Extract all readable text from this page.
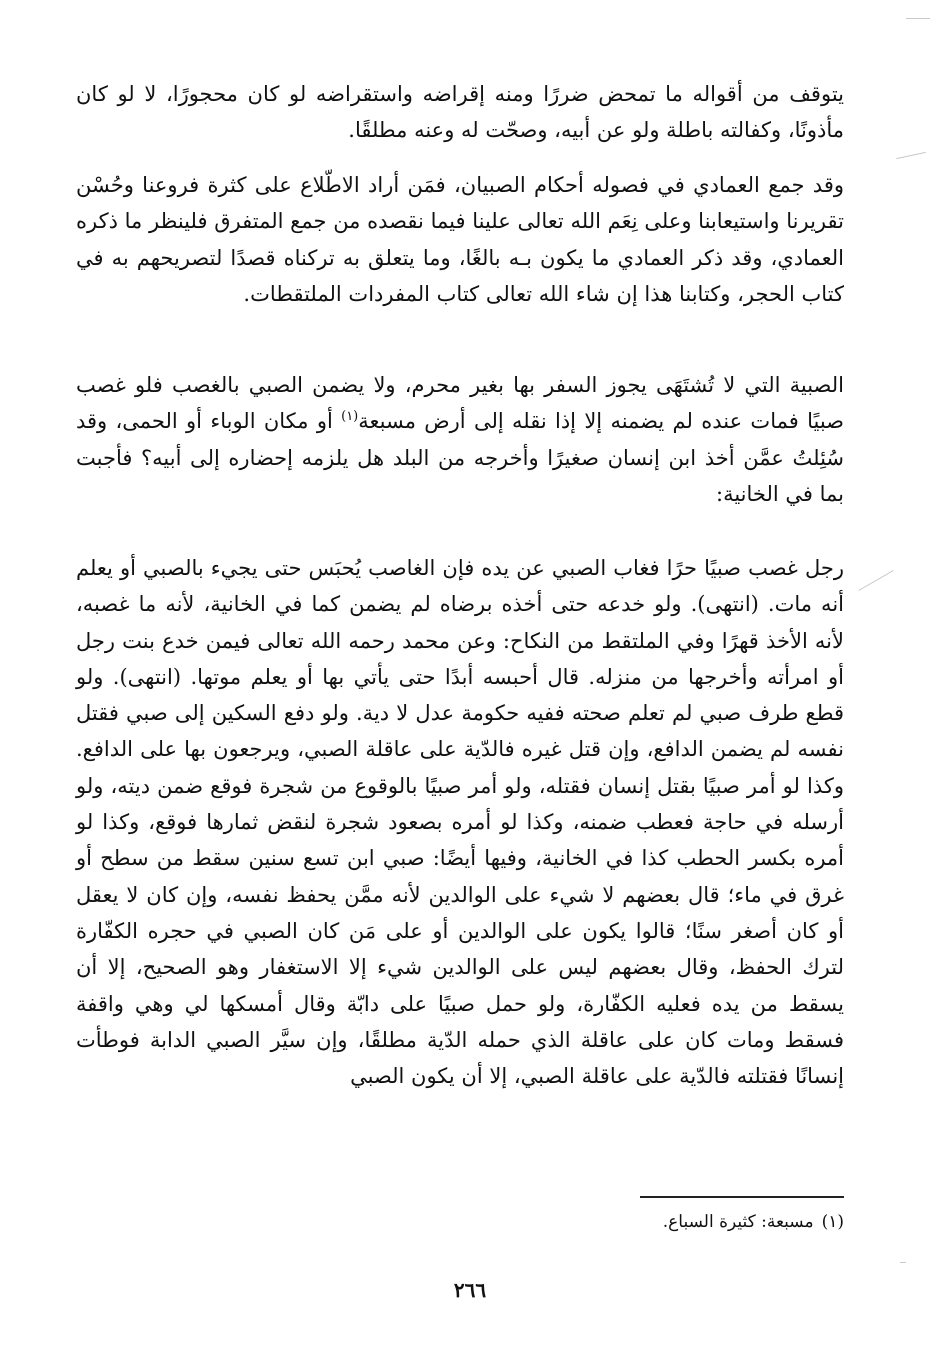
يتوقف من أقواله ما تمحض ضررًا ومنه إقراضه واستقراضه لو كان محجورًا، لا لو كان مأذونًا، وكفالته باطلة ولو عن أبيه، وصحّت له وعنه مطلقًا.

وقد جمع العمادي في فصوله أحكام الصبيان، فمَن أراد الاطّلاع على كثرة فروعنا وحُسْن تقريرنا واستيعابنا وعلى نِعَم الله تعالى علينا فيما نقصده من جمع المتفرق فلينظر ما ذكره العمادي، وقد ذكر العمادي ما يكون بـه بالغًا، وما يتعلق به تركناه قصدًا لتصريحهم به في كتاب الحجر، وكتابنا هذا إن شاء الله تعالى كتاب المفردات الملتقطات.

الصبية التي لا تُشتَهَى يجوز السفر بها بغير محرم، ولا يضمن الصبي بالغصب فلو غصب صبيًا فمات عنده لم يضمنه إلا إذا نقله إلى أرض مسبعة$^{(١)}$ أو مكان الوباء أو الحمى، وقد سُئِلتُ عمَّن أخذ ابن إنسان صغيرًا وأخرجه من البلد هل يلزمه إحضاره إلى أبيه؟ فأجبت بما في الخانية:

رجل غصب صبيًا حرًا فغاب الصبي عن يده فإن الغاصب يُحبَس حتى يجيء بالصبي أو يعلم أنه مات. (انتهى). ولو خدعه حتى أخذه برضاه لم يضمن كما في الخانية، لأنه ما غصبه، لأنه الأخذ قهرًا وفي الملتقط من النكاح: وعن محمد رحمه الله تعالى فيمن خدع بنت رجل أو امرأته وأخرجها من منزله. قال أحبسه أبدًا حتى يأتي بها أو يعلم موتها. (انتهى). ولو قطع طرف صبي لم تعلم صحته ففيه حكومة عدل لا دية. ولو دفع السكين إلى صبي فقتل نفسه لم يضمن الدافع، وإن قتل غيره فالدّية على عاقلة الصبي، ويرجعون بها على الدافع. وكذا لو أمر صبيًا بقتل إنسان فقتله، ولو أمر صبيًا بالوقوع من شجرة فوقع ضمن ديته، ولو أرسله في حاجة فعطب ضمنه، وكذا لو أمره بصعود شجرة لنقض ثمارها فوقع، وكذا لو أمره بكسر الحطب كذا في الخانية، وفيها أيضًا: صبي ابن تسع سنين سقط من سطح أو غرق في ماء؛ قال بعضهم لا شيء على الوالدين لأنه ممَّن يحفظ نفسه، وإن كان لا يعقل أو كان أصغر سنًا؛ قالوا يكون على الوالدين أو على مَن كان الصبي في حجره الكفّارة لترك الحفظ، وقال بعضهم ليس على الوالدين شيء إلا الاستغفار وهو الصحيح، إلا أن يسقط من يده فعليه الكفّارة، ولو حمل صبيًا على دابّة وقال أمسكها لي وهي واقفة فسقط ومات كان على عاقلة الذي حمله الدّية مطلقًا، وإن سيَّر الصبي الدابة فوطأت إنسانًا فقتلته فالدّية على عاقلة الصبي، إلا أن يكون الصبي

(١)مسبعة: كثيرة السباع.
٢٦٦
